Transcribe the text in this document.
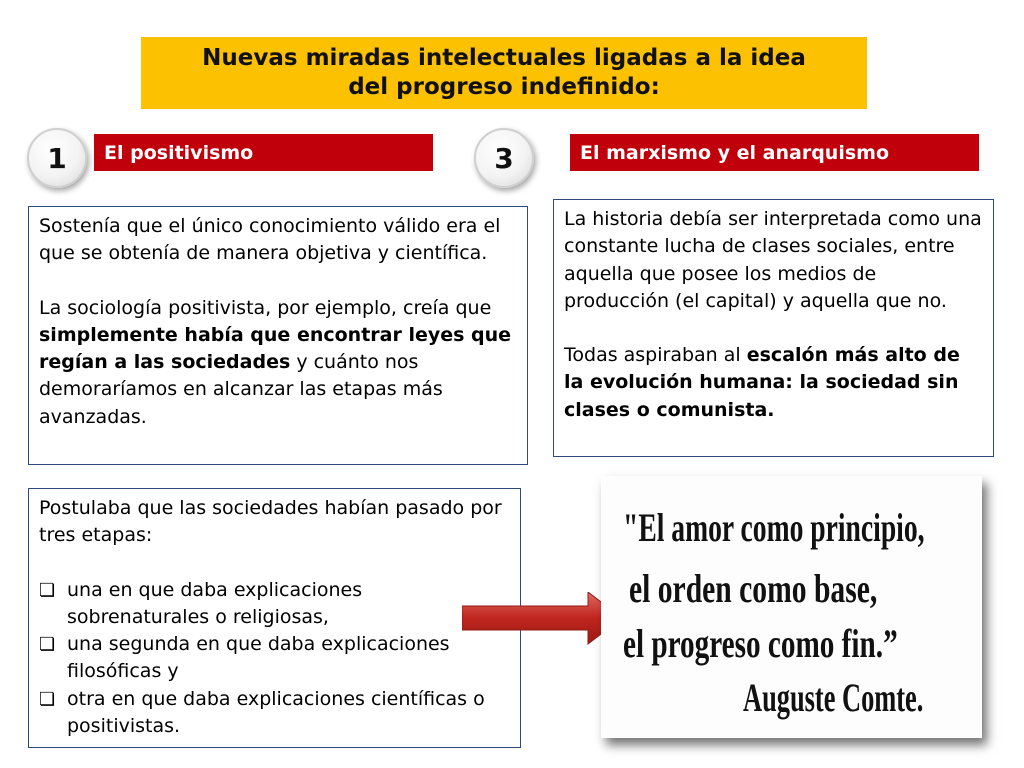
Nuevas miradas intelectuales ligadas a la idea
del progreso indefinido:
1	El positivismo	3	El marxismo y el anarquismo

Sostenía que el único conocimiento válido era el que se obtenía de manera objetiva y científica.

La sociología positivista, por ejemplo, creía que simplemente había que encontrar leyes que regían a las sociedades y cuánto nos demoraríamos en alcanzar las etapas más avanzadas.

La historia debía ser interpretada como una constante lucha de clases sociales, entre aquella que posee los medios de producción (el capital) y aquella que no.

Todas aspiraban al escalón más alto de la evolución humana: la sociedad sin clases o comunista.

Postulaba que las sociedades habían pasado por tres etapas:

❏ una en que daba explicaciones sobrenaturales o religiosas,
❏ una segunda en que daba explicaciones filosóficas y
❏ otra en que daba explicaciones científicas o positivistas.
"El amor como principio,
el orden como base,
el progreso como fin.”
Auguste Comte.
